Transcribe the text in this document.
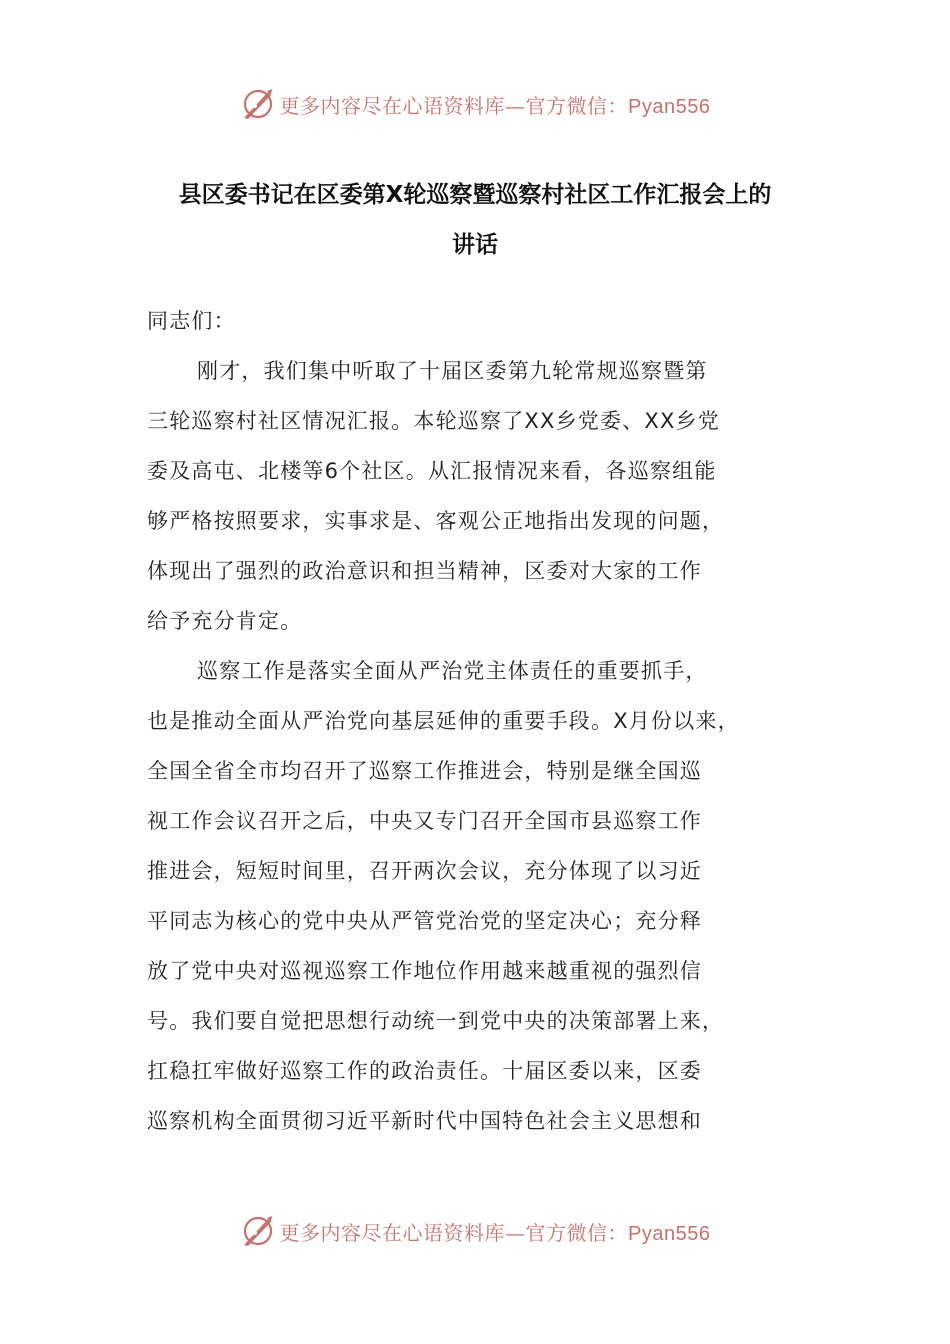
更多内容尽在心语资料库—官方微信：Pyan556
县区委书记在区委第X轮巡察暨巡察村社区工作汇报会上的
讲话
同志们：
刚才，我们集中听取了十届区委第九轮常规巡察暨第
三轮巡察村社区情况汇报。本轮巡察了XX乡党委、XX乡党
委及高屯、北楼等6个社区。从汇报情况来看，各巡察组能
够严格按照要求，实事求是、客观公正地指出发现的问题，
体现出了强烈的政治意识和担当精神，区委对大家的工作
给予充分肯定。
巡察工作是落实全面从严治党主体责任的重要抓手，
也是推动全面从严治党向基层延伸的重要手段。X月份以来，
全国全省全市均召开了巡察工作推进会，特别是继全国巡
视工作会议召开之后，中央又专门召开全国市县巡察工作
推进会，短短时间里，召开两次会议，充分体现了以习近
平同志为核心的党中央从严管党治党的坚定决心；充分释
放了党中央对巡视巡察工作地位作用越来越重视的强烈信
号。我们要自觉把思想行动统一到党中央的决策部署上来，
扛稳扛牢做好巡察工作的政治责任。十届区委以来，区委
巡察机构全面贯彻习近平新时代中国特色社会主义思想和
更多内容尽在心语资料库—官方微信：Pyan556
